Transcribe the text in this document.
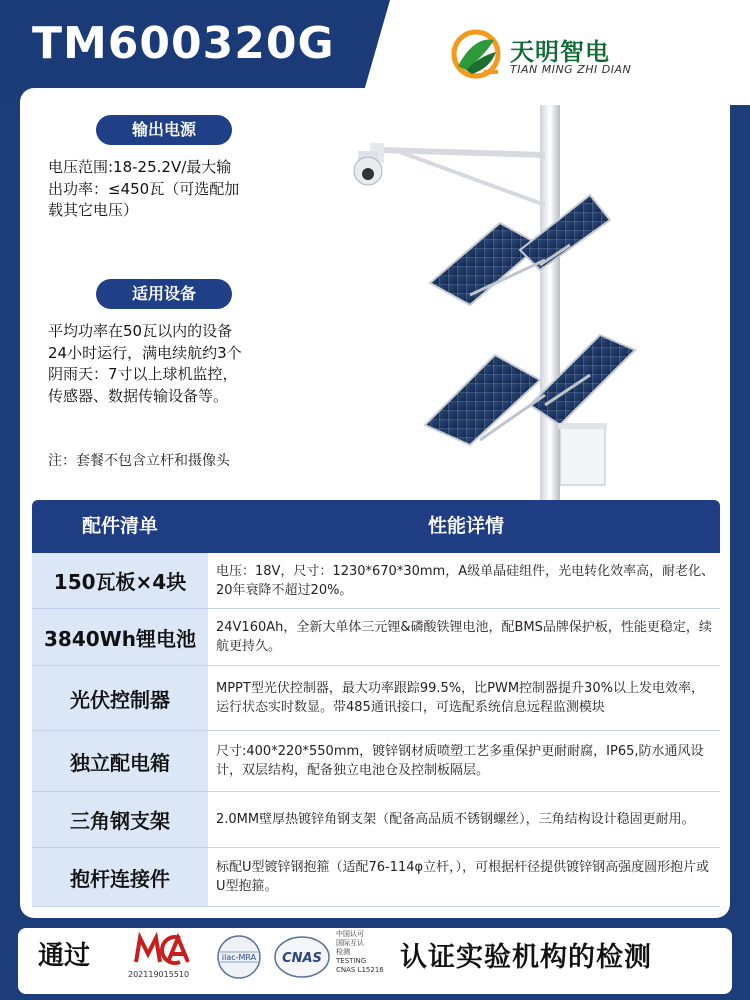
TM600320G	天明智电
TIAN MING ZHI DIAN
输出电源
电压范围:18-25.2V/最大输
出功率：≤450瓦（可选配加
载其它电压）
适用设备
平均功率在50瓦以内的设备
24小时运行，满电续航约3个
阴雨天：7寸以上球机监控，
传感器、数据传输设备等。
注：套餐不包含立杆和摄像头
配件清单	性能详情
150瓦板×4块	电压：18V，尺寸：1230*670*30mm，A级单晶硅组件，光电转化效率高，耐老化、20年衰降不超过20%。
3840Wh锂电池	24V160Ah，全新大单体三元锂&磷酸铁锂电池，配BMS品牌保护板，性能更稳定，续航更持久。
光伏控制器	MPPT型光伏控制器，最大功率跟踪99.5%，比PWM控制器提升30%以上发电效率，运行状态实时数显。带485通讯接口，可选配系统信息远程监测模块
独立配电箱	尺寸:400*220*550mm，镀锌钢材质喷塑工艺多重保护更耐耐腐，IP65,防水通风设计，双层结构，配备独立电池仓及控制板隔层。
三角钢支架	2.0MM壁厚热镀锌角钢支架（配备高品质不锈钢螺丝），三角结构设计稳固更耐用。
抱杆连接件	标配U型镀锌钢抱箍（适配76-114φ立杆，），可根据杆径提供镀锌钢高强度圆形抱片或U型抱箍。
通过
202119015510
ilac-MRA CNAS
中国认可
国际互认
检测
TESTING
CNAS L15216 认证实验机构的检测
